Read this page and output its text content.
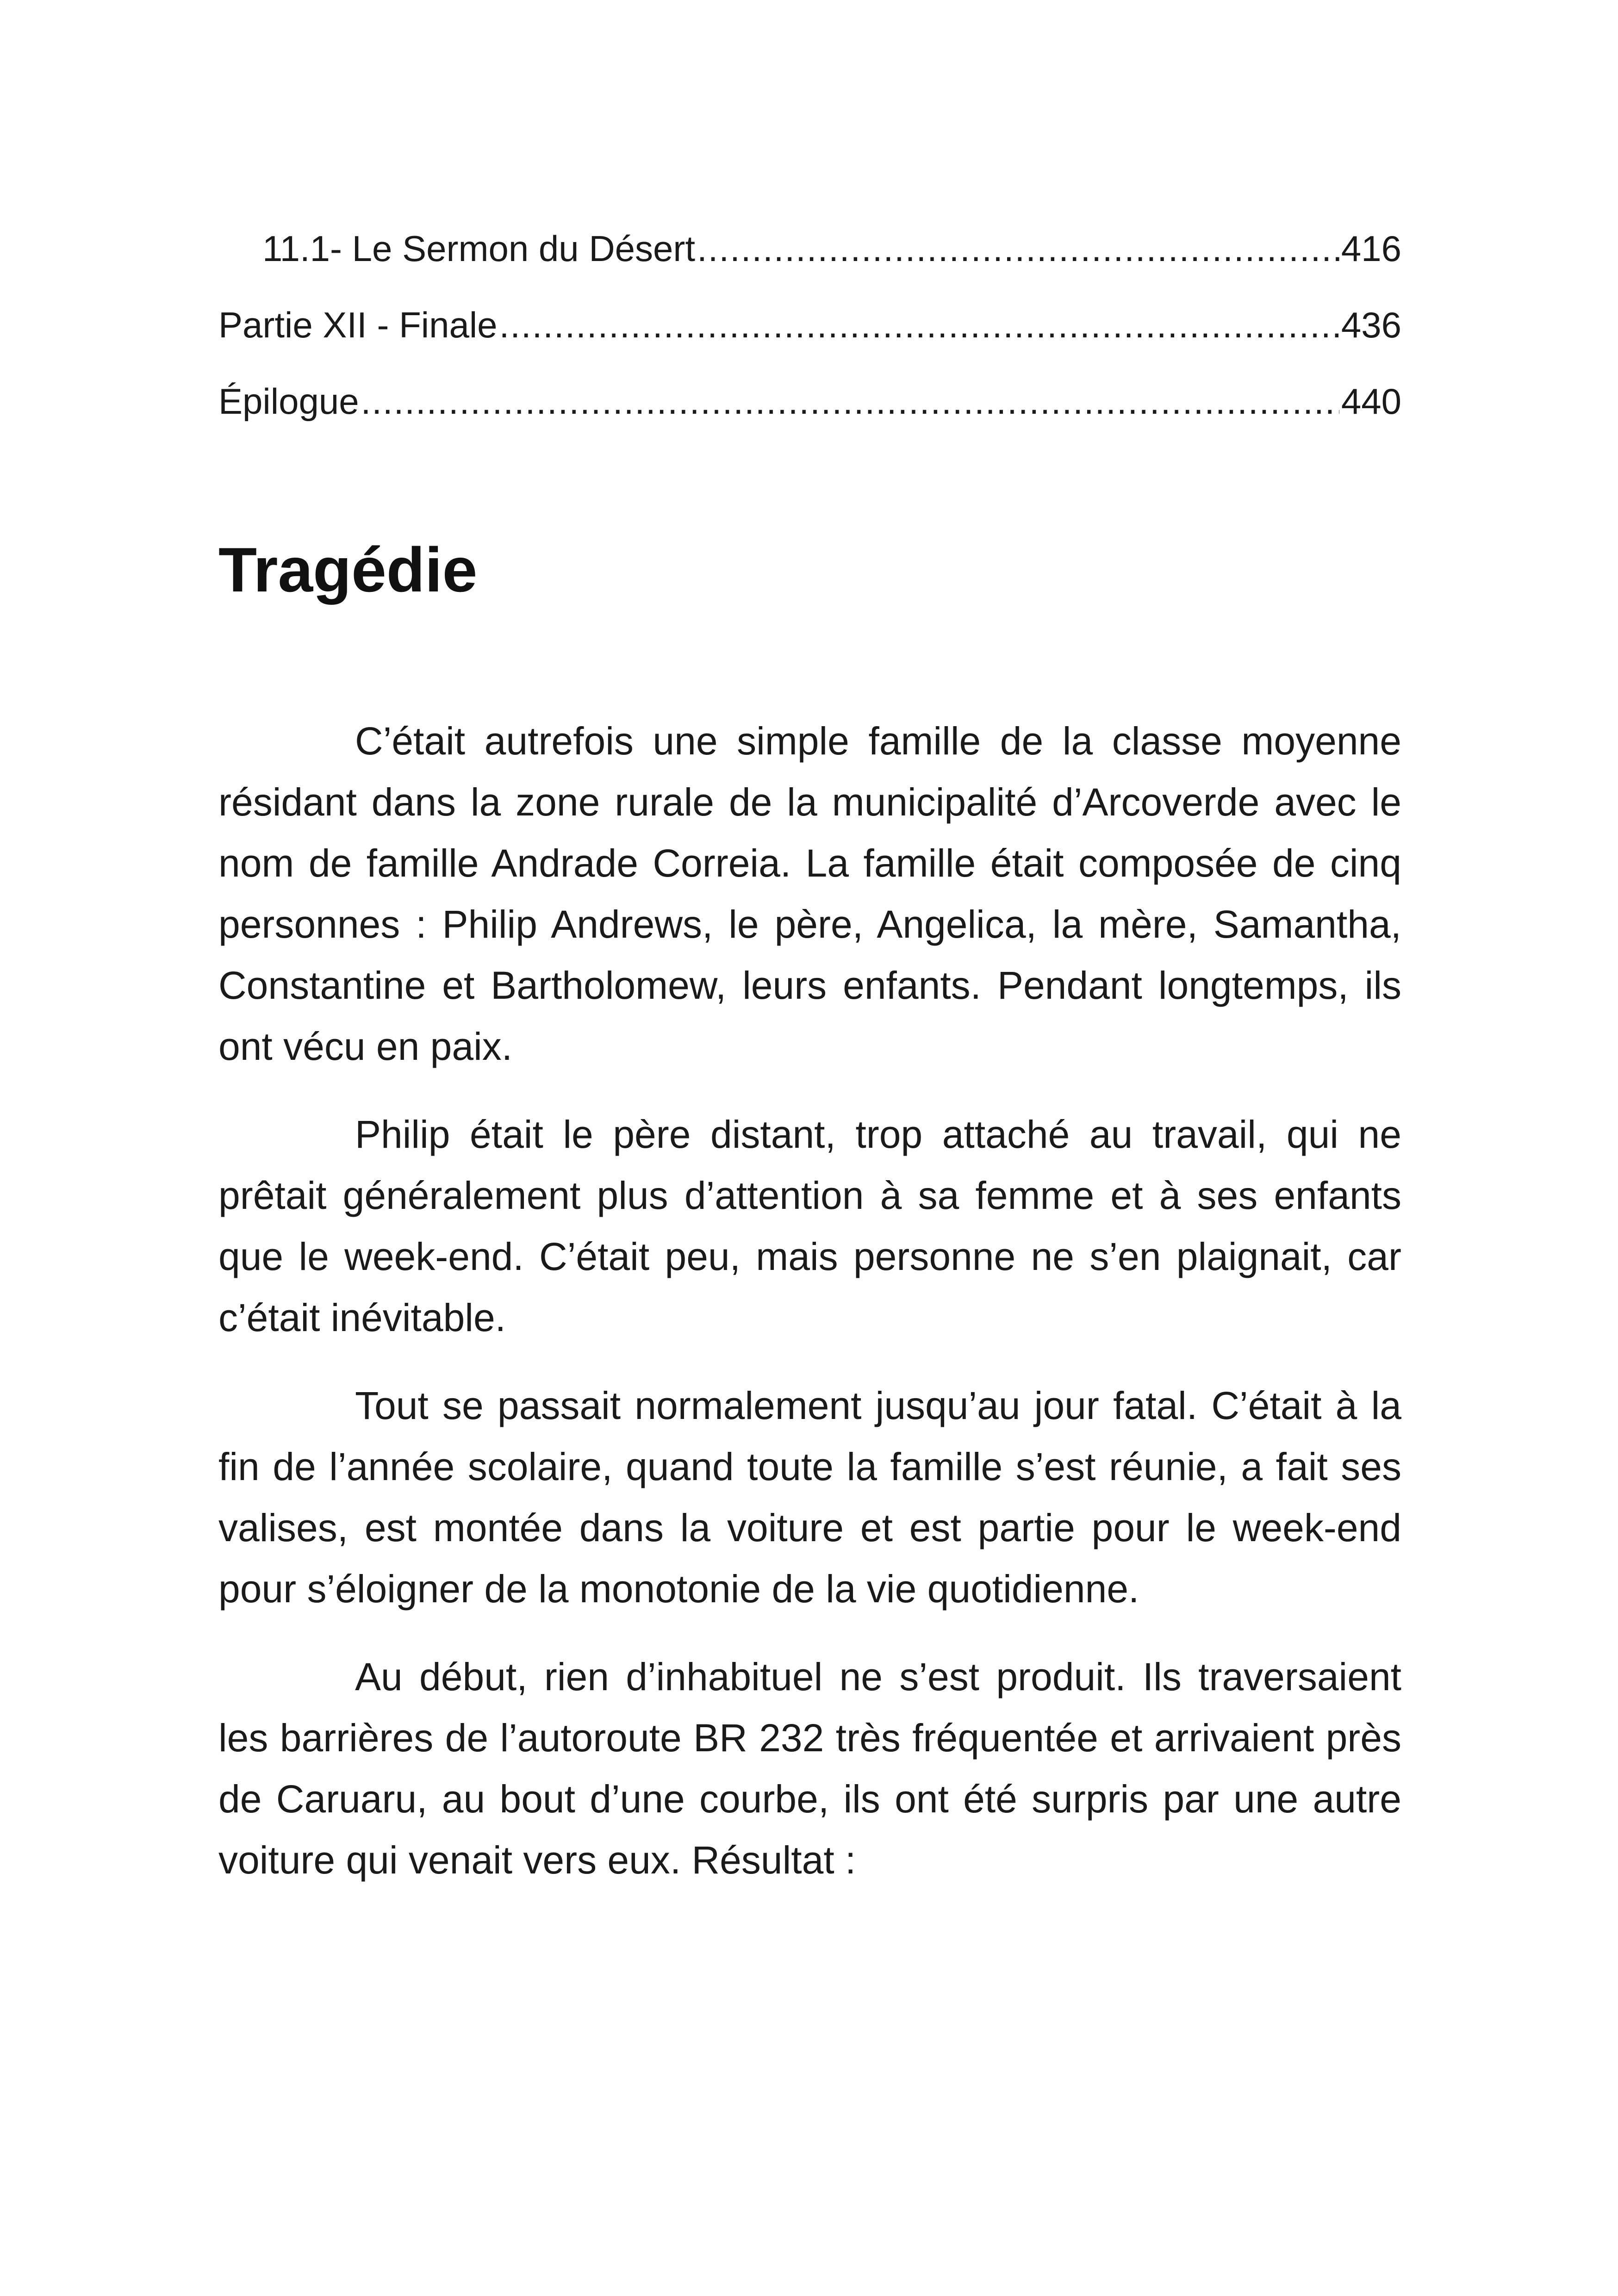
11.1- Le Sermon du Désert .....	416
Partie XII - Finale .....	436
Épilogue .....	440
Tragédie

C’était autrefois une simple famille de la classe moyenne résidant dans la zone rurale de la municipalité d’Arcoverde avec le nom de famille Andrade Correia. La famille était composée de cinq personnes : Philip Andrews, le père, Angelica, la mère, Samantha, Constantine et Bartholomew, leurs enfants. Pendant longtemps, ils ont vécu en paix.

Philip était le père distant, trop attaché au travail, qui ne prêtait généralement plus d’attention à sa femme et à ses enfants que le week-end. C’était peu, mais personne ne s’en plaignait, car c’était inévitable.

Tout se passait normalement jusqu’au jour fatal. C’était à la fin de l’année scolaire, quand toute la famille s’est réunie, a fait ses valises, est montée dans la voiture et est partie pour le week-end pour s’éloigner de la monotonie de la vie quotidienne.

Au début, rien d’inhabituel ne s’est produit. Ils traversaient les barrières de l’autoroute BR 232 très fréquentée et arrivaient près de Caruaru, au bout d’une courbe, ils ont été surpris par une autre voiture qui venait vers eux. Résultat :
